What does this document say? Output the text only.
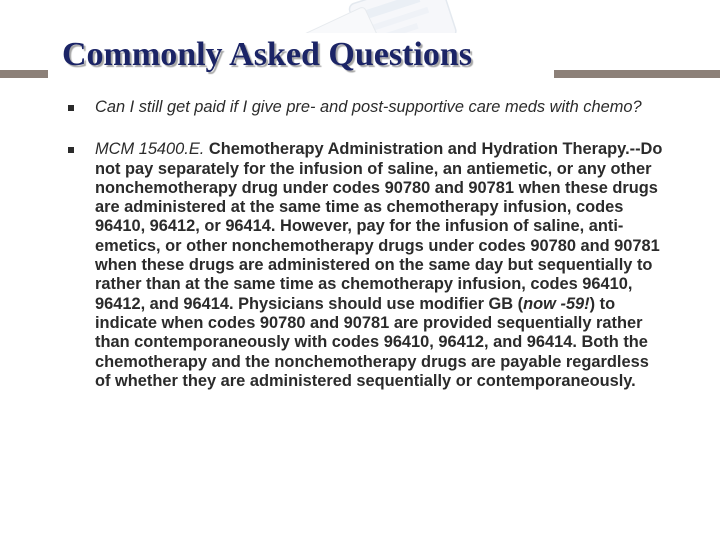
Commonly Asked Questions
Can I still get paid if I give pre- and post-supportive care meds with chemo?
MCM 15400.E. Chemotherapy Administration and Hydration Therapy.--Do not pay separately for the infusion of saline, an antiemetic, or any other nonchemotherapy drug under codes 90780 and 90781 when these drugs are administered at the same time as chemotherapy infusion, codes 96410, 96412, or 96414. However, pay for the infusion of saline, anti-emetics, or other nonchemotherapy drugs under codes 90780 and 90781 when these drugs are administered on the same day but sequentially to rather than at the same time as chemotherapy infusion, codes 96410, 96412, and 96414. Physicians should use modifier GB (now -59!) to indicate when codes 90780 and 90781 are provided sequentially rather than contemporaneously with codes 96410, 96412, and 96414. Both the chemotherapy and the nonchemotherapy drugs are payable regardless of whether they are administered sequentially or contemporaneously.
